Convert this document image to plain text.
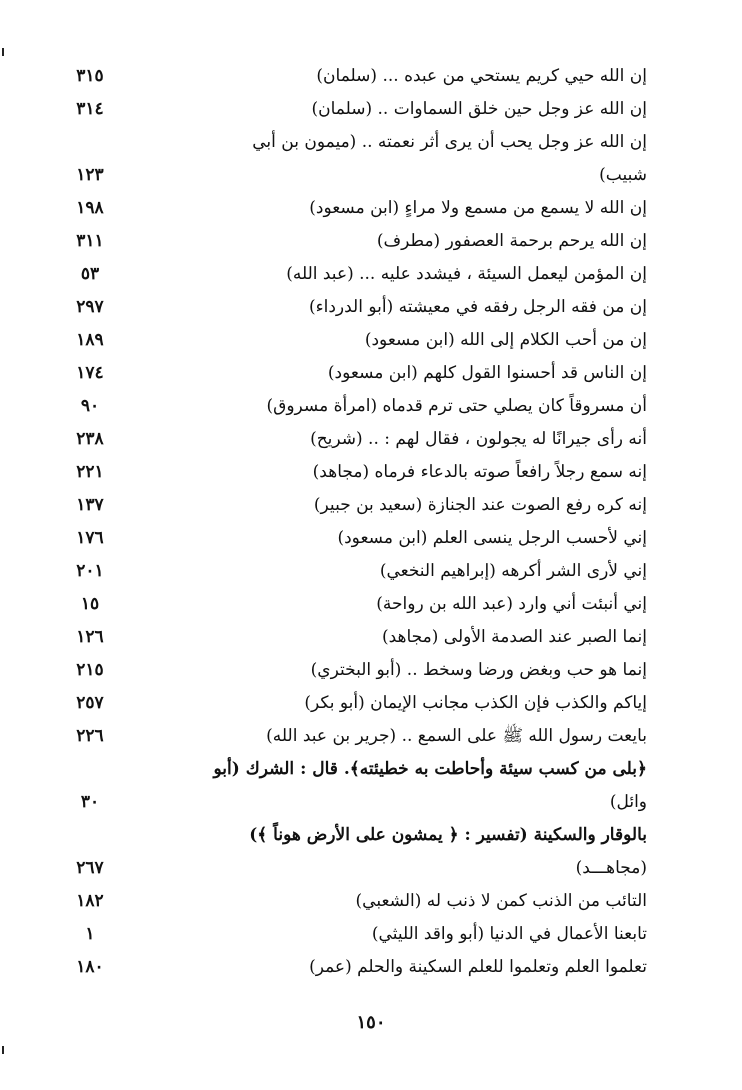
إن الله حيي كريم يستحي من عبده ... (سلمان)
٣١٥
إن الله عز وجل حين خلق السماوات .. (سلمان)
٣١٤
إن الله عز وجل يحب أن يرى أثر نعمته .. (ميمون بن أبي
شبيب)
١٢٣
إن الله لا يسمع من مسمع ولا مراءٍ (ابن مسعود)
١٩٨
إن الله يرحم برحمة العصفور (مطرف)
٣١١
إن المؤمن ليعمل السيئة ، فيشدد عليه ... (عبد الله)
٥٣
إن من فقه الرجل رفقه في معيشته (أبو الدرداء)
٢٩٧
إن من أحب الكلام إلى الله (ابن مسعود)
١٨٩
إن الناس قد أحسنوا القول كلهم (ابن مسعود)
١٧٤
أن مسروقاً كان يصلي حتى ترم قدماه (امرأة مسروق)
٩٠
أنه رأى جيرانًا له يجولون ، فقال لهم : .. (شريح)
٢٣٨
إنه سمع رجلاً رافعاً صوته بالدعاء فرماه (مجاهد)
٢٢١
إنه كره رفع الصوت عند الجنازة (سعيد بن جبير)
١٣٧
إني لأحسب الرجل ينسى العلم (ابن مسعود)
١٧٦
إني لأرى الشر أكرهه (إبراهيم النخعي)
٢٠١
إني أنبئت أني وارد (عبد الله بن رواحة)
١٥
إنما الصبر عند الصدمة الأولى (مجاهد)
١٢٦
إنما هو حب وبغض ورضا وسخط .. (أبو البختري)
٢١٥
إياكم والكذب فإن الكذب مجانب الإيمان (أبو بكر)
٢٥٧
بايعت رسول الله ﷺ على السمع .. (جرير بن عبد الله)
٢٢٦
﴿بلى من كسب سيئة وأحاطت به خطيئته﴾. قال : الشرك (أبو
وائل)
٣٠
بالوقار والسكينة (تفسير : ﴿ يمشون على الأرض هوناً ﴾)
(مجاهـــد)
٢٦٧
التائب من الذنب كمن لا ذنب له (الشعبي)
١٨٢
تابعنا الأعمال في الدنيا (أبو واقد الليثي)
١
تعلموا العلم وتعلموا للعلم السكينة والحلم (عمر)
١٨٠
١٥٠
